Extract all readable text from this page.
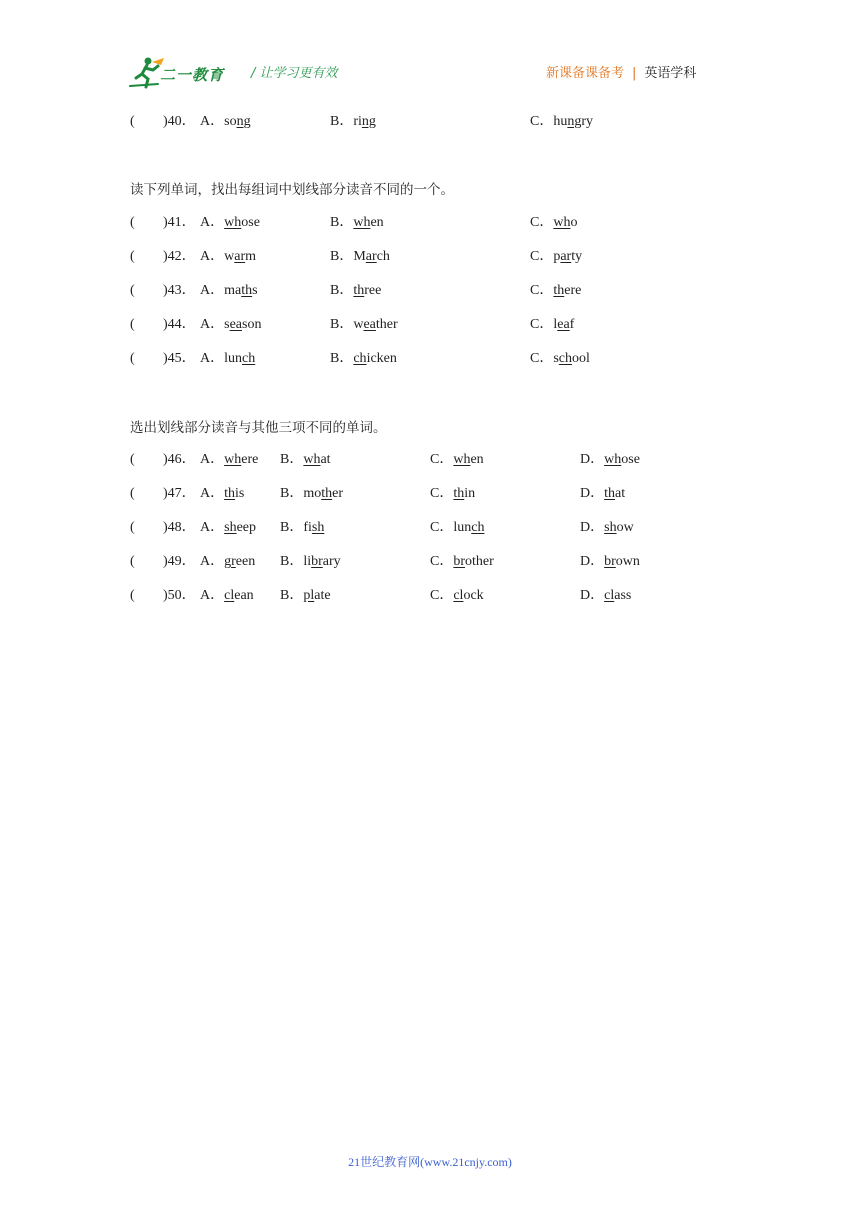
二一教育 / 让学习更有效	新课备课备考 | 英语学科
( )40． A．song	B．ring	C．hungry
( )41． A．whose	B．when	C．who
( )42． A．warm	B．March	C．party
( )43． A．maths	B．three	C．there
( )44． A．season	B．weather	C．leaf
( )45． A．lunch	B．chicken	C．school
( )46． A．where B．what	C．when	D．whose
( )47． A．this	B．mother	C．thin	D．that
( )48． A．sheep B．fish	C．lunch	D．show
( )49． A．green B．library	C．brother	D．brown
( )50． A．clean B．plate	C．clock	D．class
读下列单词，找出每组词中划线部分读音不同的一个。
选出划线部分读音与其他三项不同的单词。
21世纪教育网(www.21cnjy.com)
